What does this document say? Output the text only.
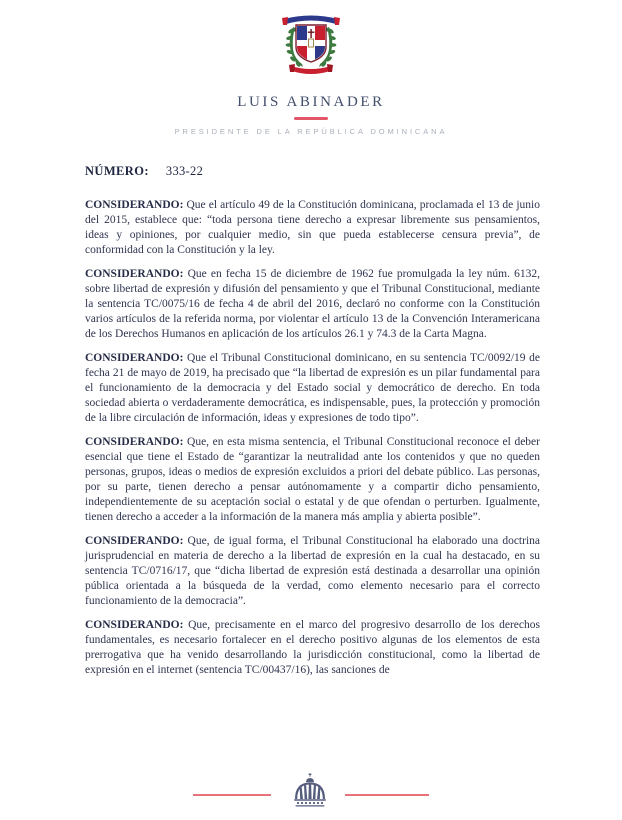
LUIS ABINADER
PRESIDENTE DE LA REPÚBLICA DOMINICANA
NÚMERO: 333-22

CONSIDERANDO: Que el artículo 49 de la Constitución dominicana, proclamada el 13 de junio del 2015, establece que: “toda persona tiene derecho a expresar libremente sus pensamientos, ideas y opiniones, por cualquier medio, sin que pueda establecerse censura previa”, de conformidad con la Constitución y la ley.

CONSIDERANDO: Que en fecha 15 de diciembre de 1962 fue promulgada la ley núm. 6132, sobre libertad de expresión y difusión del pensamiento y que el Tribunal Constitucional, mediante la sentencia TC/0075/16 de fecha 4 de abril del 2016, declaró no conforme con la Constitución varios artículos de la referida norma, por violentar el artículo 13 de la Convención Interamericana de los Derechos Humanos en aplicación de los artículos 26.1 y 74.3 de la Carta Magna.

CONSIDERANDO: Que el Tribunal Constitucional dominicano, en su sentencia TC/0092/19 de fecha 21 de mayo de 2019, ha precisado que “la libertad de expresión es un pilar fundamental para el funcionamiento de la democracia y del Estado social y democrático de derecho. En toda sociedad abierta o verdaderamente democrática, es indispensable, pues, la protección y promoción de la libre circulación de información, ideas y expresiones de todo tipo”.

CONSIDERANDO: Que, en esta misma sentencia, el Tribunal Constitucional reconoce el deber esencial que tiene el Estado de “garantizar la neutralidad ante los contenidos y que no queden personas, grupos, ideas o medios de expresión excluidos a priori del debate público. Las personas, por su parte, tienen derecho a pensar autónomamente y a compartir dicho pensamiento, independientemente de su aceptación social o estatal y de que ofendan o perturben. Igualmente, tienen derecho a acceder a la información de la manera más amplia y abierta posible”.

CONSIDERANDO: Que, de igual forma, el Tribunal Constitucional ha elaborado una doctrina jurisprudencial en materia de derecho a la libertad de expresión en la cual ha destacado, en su sentencia TC/0716/17, que “dicha libertad de expresión está destinada a desarrollar una opinión pública orientada a la búsqueda de la verdad, como elemento necesario para el correcto funcionamiento de la democracia”.

CONSIDERANDO: Que, precisamente en el marco del progresivo desarrollo de los derechos fundamentales, es necesario fortalecer en el derecho positivo algunas de los elementos de esta prerrogativa que ha venido desarrollando la jurisdicción constitucional, como la libertad de expresión en el internet (sentencia TC/00437/16), las sanciones de
